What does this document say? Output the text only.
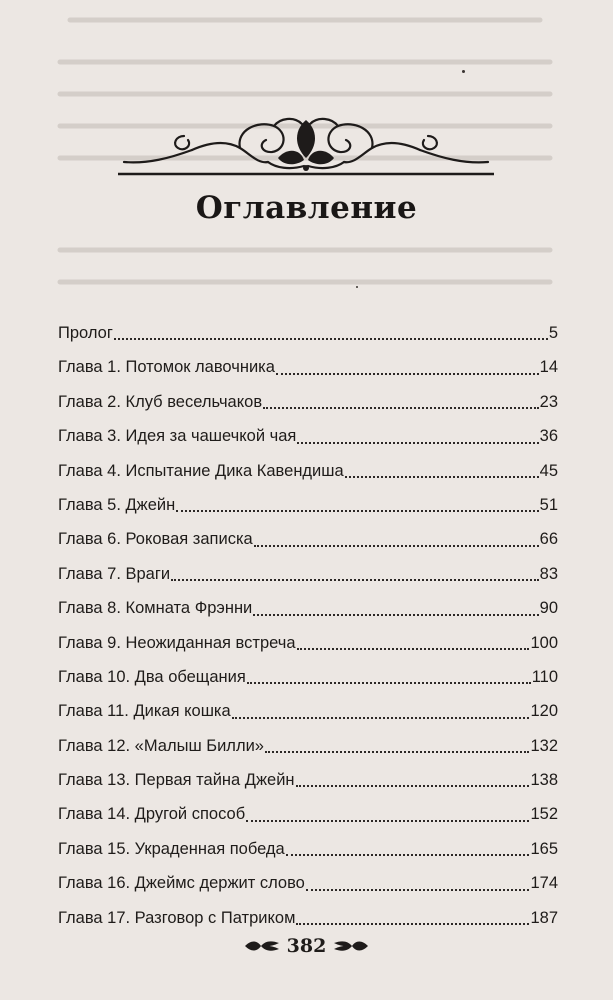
Оглавление
Пролог	5
Глава 1. Потомок лавочника	14
Глава 2. Клуб весельчаков	23
Глава 3. Идея за чашечкой чая	36
Глава 4. Испытание Дика Кавендиша	45
Глава 5. Джейн	51
Глава 6. Роковая записка	66
Глава 7. Враги	83
Глава 8. Комната Фрэнни	90
Глава 9. Неожиданная встреча	100
Глава 10. Два обещания	110
Глава 11. Дикая кошка	120
Глава 12. «Малыш Билли»	132
Глава 13. Первая тайна Джейн	138
Глава 14. Другой способ	152
Глава 15. Украденная победа	165
Глава 16. Джеймс держит слово	174
Глава 17. Разговор с Патриком	187
382
